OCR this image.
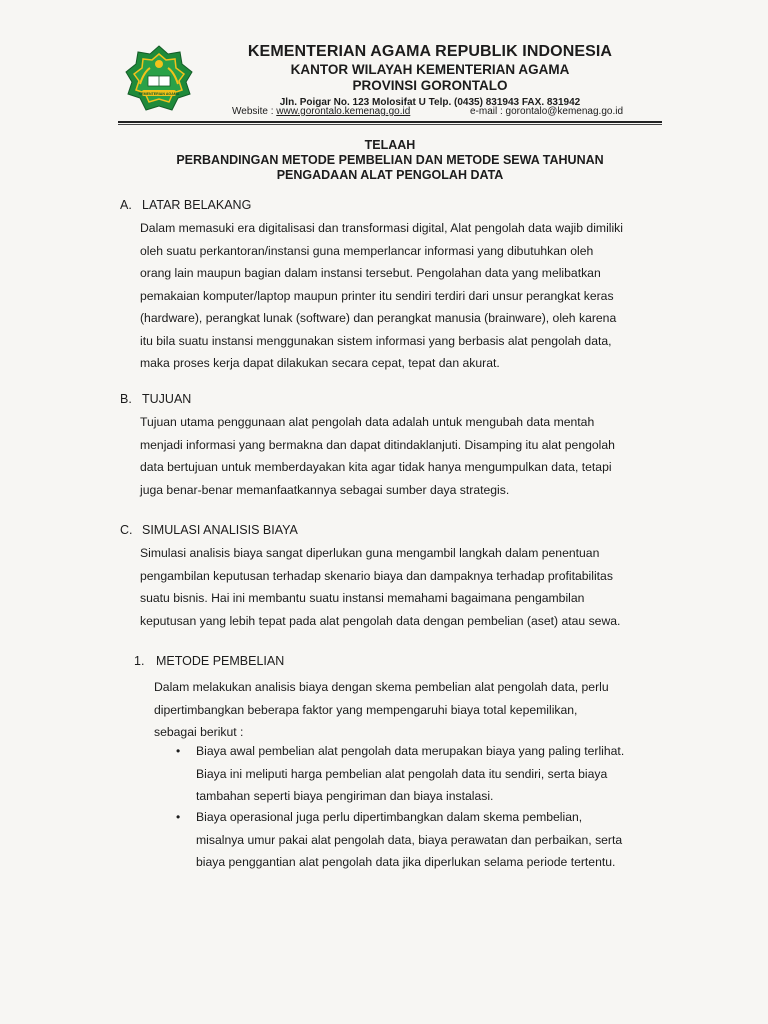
KEMENTERIAN AGAMA
KEMENTERIAN AGAMA REPUBLIK INDONESIA
KANTOR WILAYAH KEMENTERIAN AGAMA
PROVINSI GORONTALO
Jln. Poigar No. 123 Molosifat U Telp. (0435) 831943 FAX. 831942
Website : www.gorontalo.kemenag.go.id	e-mail : gorontalo@kemenag.go.id
TELAAH
PERBANDINGAN METODE PEMBELIAN DAN METODE SEWA TAHUNAN
PENGADAAN ALAT PENGOLAH DATA
A. LATAR BELAKANG
Dalam memasuki era digitalisasi dan transformasi digital, Alat pengolah data wajib dimiliki
oleh suatu perkantoran/instansi guna memperlancar informasi yang dibutuhkan oleh
orang lain maupun bagian dalam instansi tersebut. Pengolahan data yang melibatkan
pemakaian komputer/laptop maupun printer itu sendiri terdiri dari unsur perangkat keras
(hardware), perangkat lunak (software) dan perangkat manusia (brainware), oleh karena
itu bila suatu instansi menggunakan sistem informasi yang berbasis alat pengolah data,
maka proses kerja dapat dilakukan secara cepat, tepat dan akurat.
B. TUJUAN
Tujuan utama penggunaan alat pengolah data adalah untuk mengubah data mentah
menjadi informasi yang bermakna dan dapat ditindaklanjuti. Disamping itu alat pengolah
data bertujuan untuk memberdayakan kita agar tidak hanya mengumpulkan data, tetapi
juga benar-benar memanfaatkannya sebagai sumber daya strategis.
C. SIMULASI ANALISIS BIAYA
Simulasi analisis biaya sangat diperlukan guna mengambil langkah dalam penentuan
pengambilan keputusan terhadap skenario biaya dan dampaknya terhadap profitabilitas
suatu bisnis. Hai ini membantu suatu instansi memahami bagaimana pengambilan
keputusan yang lebih tepat pada alat pengolah data dengan pembelian (aset) atau sewa.
1. METODE PEMBELIAN
Dalam melakukan analisis biaya dengan skema pembelian alat pengolah data, perlu
dipertimbangkan beberapa faktor yang mempengaruhi biaya total kepemilikan,
sebagai berikut :
• Biaya awal pembelian alat pengolah data merupakan biaya yang paling terlihat.
Biaya ini meliputi harga pembelian alat pengolah data itu sendiri, serta biaya
tambahan seperti biaya pengiriman dan biaya instalasi.
• Biaya operasional juga perlu dipertimbangkan dalam skema pembelian,
misalnya umur pakai alat pengolah data, biaya perawatan dan perbaikan, serta
biaya penggantian alat pengolah data jika diperlukan selama periode tertentu.
